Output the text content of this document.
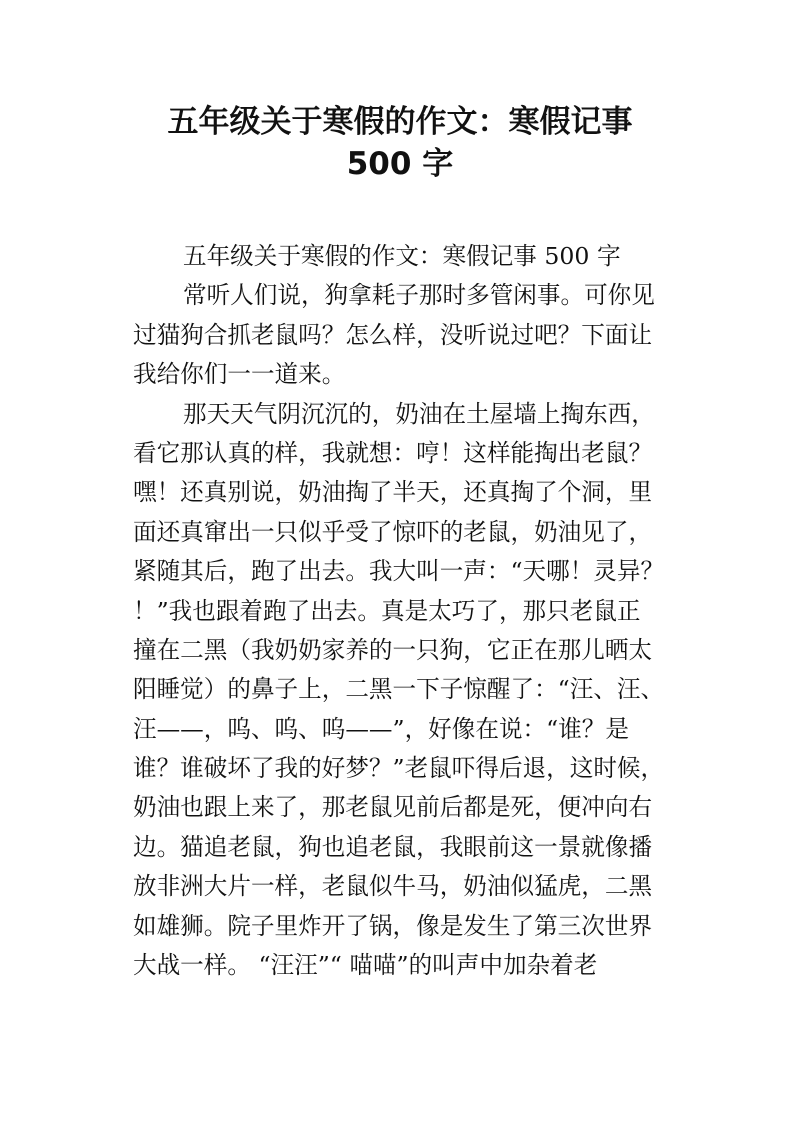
五年级关于寒假的作文：寒假记事
500 字
五年级关于寒假的作文：寒假记事 500 字
常听人们说，狗拿耗子那时多管闲事。可你见
过猫狗合抓老鼠吗？怎么样，没听说过吧？下面让
我给你们一一道来。
那天天气阴沉沉的，奶油在土屋墙上掏东西，
看它那认真的样，我就想：哼！这样能掏出老鼠？
嘿！还真别说，奶油掏了半天，还真掏了个洞，里
面还真窜出一只似乎受了惊吓的老鼠，奶油见了，
紧随其后，跑了出去。我大叫一声：“天哪！灵异？
！”我也跟着跑了出去。真是太巧了，那只老鼠正
撞在二黑（我奶奶家养的一只狗，它正在那儿晒太
阳睡觉）的鼻子上，二黑一下子惊醒了：“汪、汪、
汪——，呜、呜、呜——”，好像在说：“谁？是
谁？谁破坏了我的好梦？”老鼠吓得后退，这时候，
奶油也跟上来了，那老鼠见前后都是死，便冲向右
边。猫追老鼠，狗也追老鼠，我眼前这一景就像播
放非洲大片一样，老鼠似牛马，奶油似猛虎，二黑
如雄狮。院子里炸开了锅，像是发生了第三次世界
大战一样。 “汪汪”“ 喵喵”的叫声中加杂着老
